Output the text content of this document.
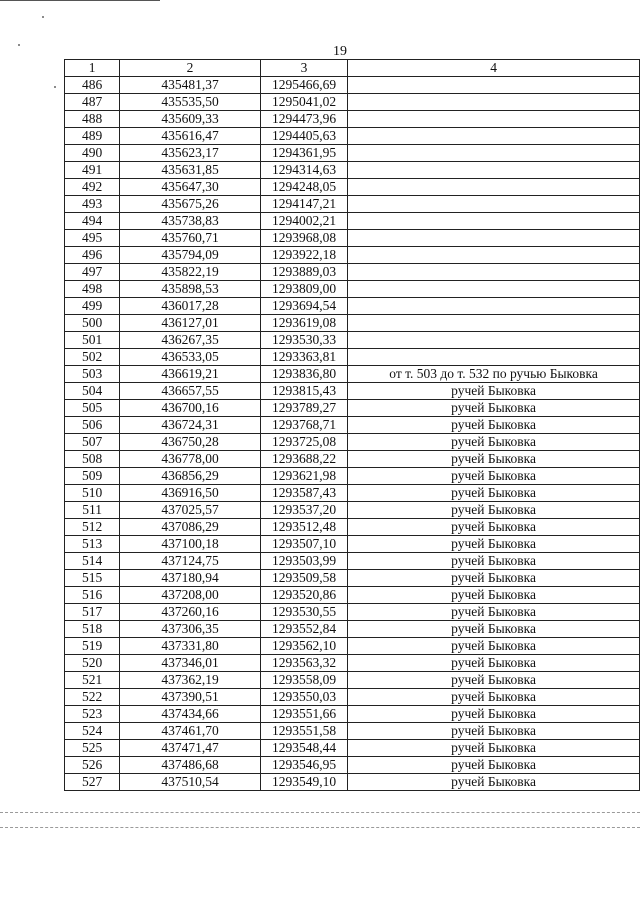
19
1	2	3	4
486	435481,37	1295466,69	
487	435535,50	1295041,02	
488	435609,33	1294473,96	
489	435616,47	1294405,63	
490	435623,17	1294361,95	
491	435631,85	1294314,63	
492	435647,30	1294248,05	
493	435675,26	1294147,21	
494	435738,83	1294002,21	
495	435760,71	1293968,08	
496	435794,09	1293922,18	
497	435822,19	1293889,03	
498	435898,53	1293809,00	
499	436017,28	1293694,54	
500	436127,01	1293619,08	
501	436267,35	1293530,33	
502	436533,05	1293363,81	
503	436619,21	1293836,80	от т. 503 до т. 532 по ручью Быковка
504	436657,55	1293815,43	ручей Быковка
505	436700,16	1293789,27	ручей Быковка
506	436724,31	1293768,71	ручей Быковка
507	436750,28	1293725,08	ручей Быковка
508	436778,00	1293688,22	ручей Быковка
509	436856,29	1293621,98	ручей Быковка
510	436916,50	1293587,43	ручей Быковка
511	437025,57	1293537,20	ручей Быковка
512	437086,29	1293512,48	ручей Быковка
513	437100,18	1293507,10	ручей Быковка
514	437124,75	1293503,99	ручей Быковка
515	437180,94	1293509,58	ручей Быковка
516	437208,00	1293520,86	ручей Быковка
517	437260,16	1293530,55	ручей Быковка
518	437306,35	1293552,84	ручей Быковка
519	437331,80	1293562,10	ручей Быковка
520	437346,01	1293563,32	ручей Быковка
521	437362,19	1293558,09	ручей Быковка
522	437390,51	1293550,03	ручей Быковка
523	437434,66	1293551,66	ручей Быковка
524	437461,70	1293551,58	ручей Быковка
525	437471,47	1293548,44	ручей Быковка
526	437486,68	1293546,95	ручей Быковка
527	437510,54	1293549,10	ручей Быковка
